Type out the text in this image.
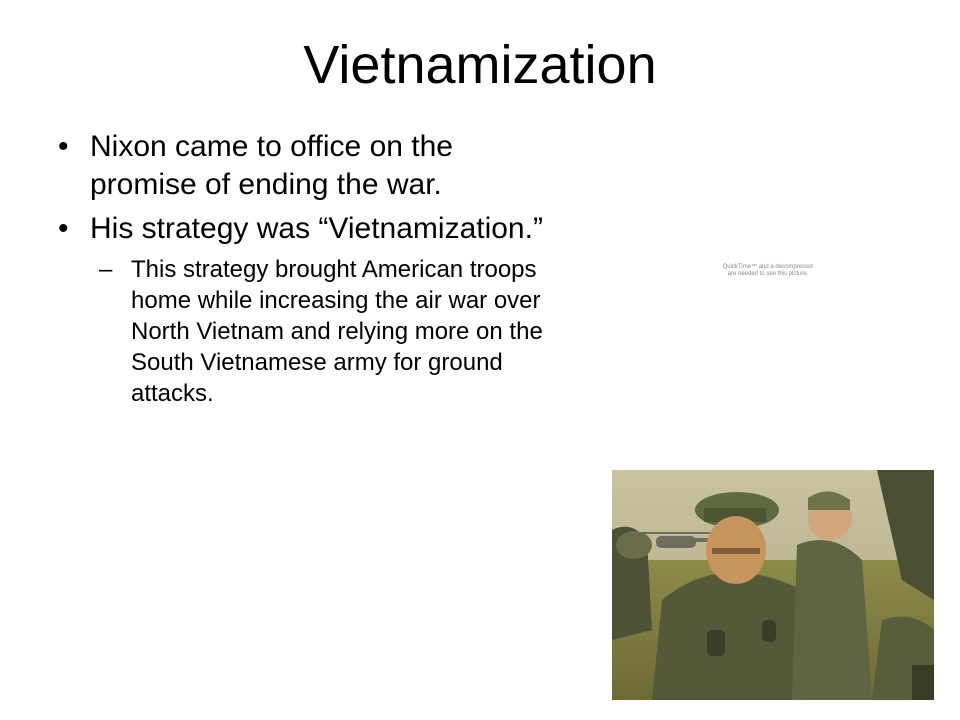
Vietnamization
• Nixon came to office on the promise of ending the war.
• His strategy was “Vietnamization.”
– This strategy brought American troops home while increasing the air war over North Vietnam and relying more on the South Vietnamese army for ground attacks.
QuickTime™ and a decompressor are needed to see this picture.
